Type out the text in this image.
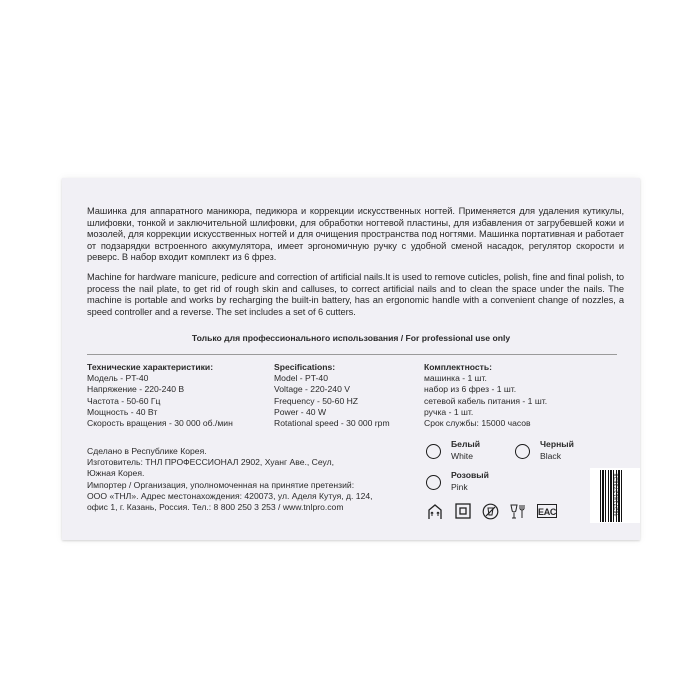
Машинка для аппаратного маникюра, педикюра и коррекции искусственных ногтей. Применяется для удаления кутикулы, шлифовки, тонкой и заключительной шлифовки, для обработки ногтевой пластины, для избавления от загрубевшей кожи и мозолей, для коррекции искусственных ногтей и для очищения пространства под ногтями. Машинка портативная и работает от подзарядки встроенного аккумулятора, имеет эргономичную ручку с удобной сменой насадок, регулятор скорости и реверс. В набор входит комплект из 6 фрез.
Machine for hardware manicure, pedicure and correction of artificial nails.It is used to remove cuticles, polish, fine and final polish, to process the nail plate, to get rid of rough skin and calluses, to correct artificial nails and to clean the space under the nails. The machine is portable and works by recharging the built-in battery, has an ergonomic handle with a convenient change of nozzles, a speed controller and a reverse. The set includes a set of 6 cutters.
Только для профессионального использования / For professional use only
Технические характеристики:
Модель - PT-40
Напряжение - 220-240 В
Частота - 50-60 Гц
Мощность - 40 Вт
Скорость вращения - 30 000 об./мин
Specifications:
Model - PT-40
Voltage - 220-240 V
Frequency - 50-60 HZ
Power - 40 W
Rotational speed - 30 000 rpm
Комплектность:
машинка - 1 шт.
набор из 6 фрез - 1 шт.
сетевой кабель питания - 1 шт.
ручка - 1 шт.
Срок службы: 15000 часов
Сделано в Республике Корея.
Изготовитель: ТНЛ ПРОФЕССИОНАЛ 2902, Хуанг Аве., Сеул,
Южная Корея.
Импортер / Организация, уполномоченная на принятие претензий:
ООО «ТНЛ». Адрес местонахождения: 420073, ул. Аделя Кутуя, д. 124,
офис 1, г. Казань, Россия. Тел.: 8 800 250 3 253 / www.tnlpro.com
Белый
White
Черный
Black
Розовый
Pink
EAC	4627181273528
